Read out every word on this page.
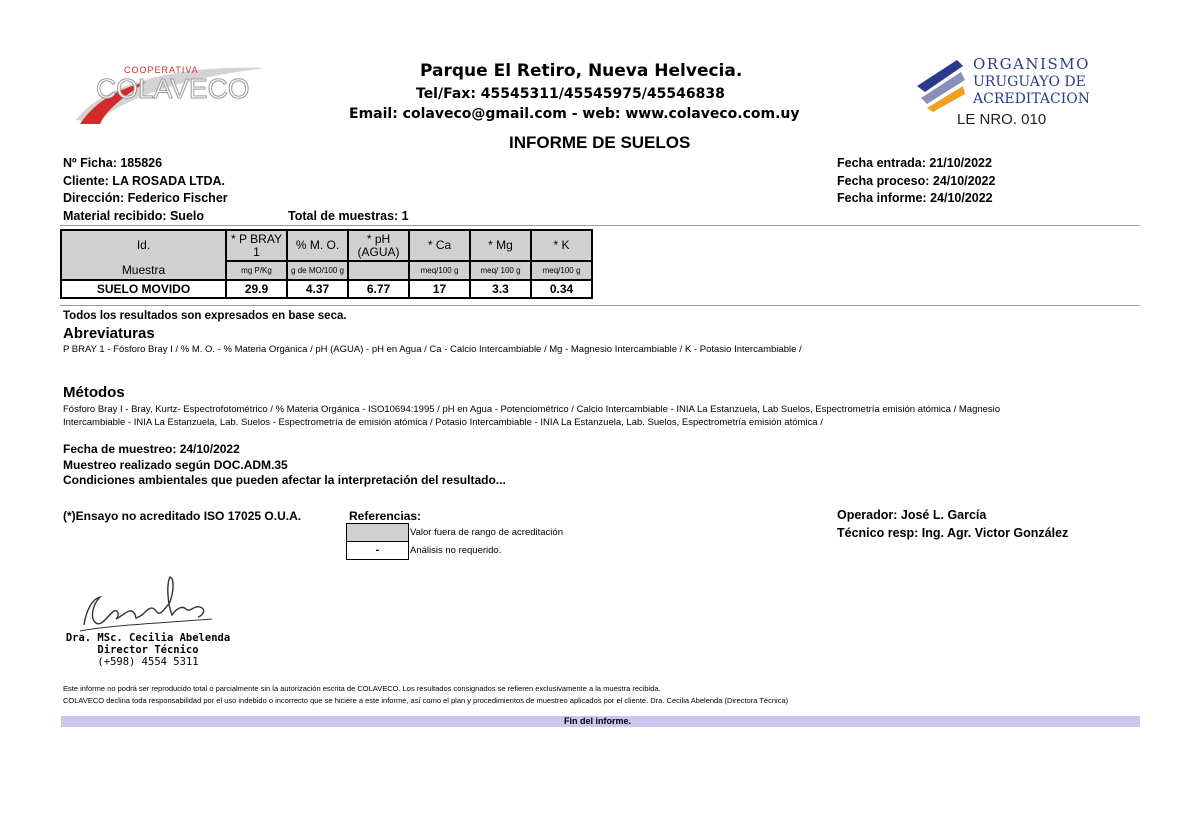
COOPERATIVA
COLAVECO
Parque El Retiro, Nueva Helvecia.
Tel/Fax: 45545311/45545975/45546838
Email: colaveco@gmail.com - web: www.colaveco.com.uy
ORGANISMO
URUGUAYO DE
ACREDITACION
LE NRO. 010
INFORME DE SUELOS
Nº Ficha: 185826
Cliente: LA ROSADA LTDA.
Dirección: Federico Fischer
Material recibido: Suelo	Total de muestras: 1
Fecha entrada: 21/10/2022
Fecha proceso: 24/10/2022
Fecha informe: 24/10/2022
Id.
Muestra	* P BRAY 1	% M. O.	* pH (AGUA)	* Ca	* Mg	* K
	mg P/Kg	g de MO/100 g		meq/100 g	meq/ 100 g	meq/100 g
SUELO MOVIDO	29.9	4.37	6.77	17	3.3	0.34
Todos los resultados son expresados en base seca.
Abreviaturas
P BRAY 1 - Fósforo Bray I / % M. O. - % Materia Orgánica / pH (AGUA) - pH en Agua / Ca - Calcio Intercambiable / Mg - Magnesio Intercambiable / K - Potasio Intercambiable /
Métodos
Fósforo Bray I - Bray, Kurtz- Espectrofotométrico / % Materia Orgánica - ISO10694:1995 / pH en Agua - Potenciométrico / Calcio Intercambiable - INIA La Estanzuela, Lab Suelos, Espectrometría emisión atómica / Magnesio
Intercambiable - INIA La Estanzuela, Lab. Suelos - Espectrometría de emisión atómica / Potasio Intercambiable - INIA La Estanzuela, Lab. Suelos, Espectrometría emisión atómica /
Fecha de muestreo: 24/10/2022
Muestreo realizado según DOC.ADM.35
Condiciones ambientales que pueden afectar la interpretación del resultado...
(*)Ensayo no acreditado ISO 17025 O.U.A.	Referencias:
-
Valor fuera de rango de acreditación
Análisis no requerido.
Operador: José L. García
Técnico resp: Ing. Agr. Victor González
Dra. MSc. Cecilia Abelenda
Director Técnico
(+598) 4554 5311
Este informe no podrá ser reproducido total o parcialmente sin la autorización escrita de COLAVECO. Los resultados consignados se refieren exclusivamente a la muestra recibida.
COLAVECO declina toda responsabilidad por el uso indebido o incorrecto que se hiciere a este informe, así como el plan y procedimientos de muestreo aplicados por el cliente. Dra. Cecilia Abelenda (Directora Técnica)
Fin del informe.
